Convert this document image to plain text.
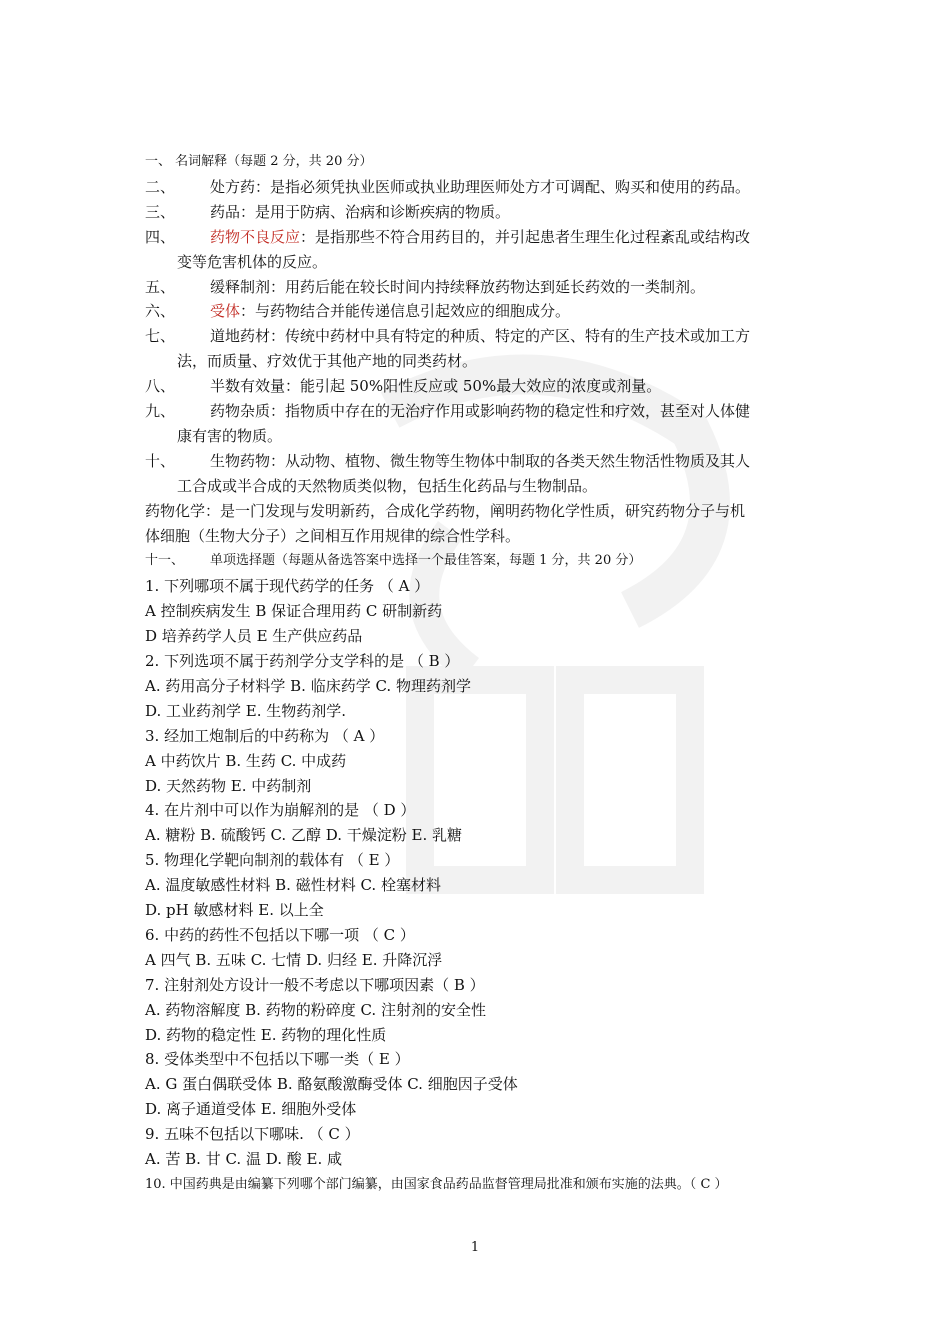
一、 名词解释（每题 2 分，共 20 分）
二、 处方药：是指必须凭执业医师或执业助理医师处方才可调配、购买和使用的药品。
三、 药品：是用于防病、治病和诊断疾病的物质。
四、 药物不良反应：是指那些不符合用药目的，并引起患者生理生化过程紊乱或结构改
变等危害机体的反应。
五、 缓释制剂：用药后能在较长时间内持续释放药物达到延长药效的一类制剂。
六、 受体：与药物结合并能传递信息引起效应的细胞成分。
七、 道地药材：传统中药材中具有特定的种质、特定的产区、特有的生产技术或加工方
法，而质量、疗效优于其他产地的同类药材。
八、 半数有效量：能引起 50%阳性反应或 50%最大效应的浓度或剂量。
九、 药物杂质：指物质中存在的无治疗作用或影响药物的稳定性和疗效，甚至对人体健
康有害的物质。
十、 生物药物：从动物、植物、微生物等生物体中制取的各类天然生物活性物质及其人
工合成或半合成的天然物质类似物，包括生化药品与生物制品。
药物化学：是一门发现与发明新药，合成化学药物，阐明药物化学性质，研究药物分子与机
体细胞（生物大分子）之间相互作用规律的综合性学科。
十一、 单项选择题（每题从备选答案中选择一个最佳答案，每题 1 分，共 20 分）
1. 下列哪项不属于现代药学的任务 （ A ）
A 控制疾病发生 B 保证合理用药 C 研制新药
D 培养药学人员 E 生产供应药品
2. 下列选项不属于药剂学分支学科的是 （ B ）
A. 药用高分子材料学 B. 临床药学 C. 物理药剂学
D. 工业药剂学 E. 生物药剂学.
3. 经加工炮制后的中药称为 （ A ）
A 中药饮片 B. 生药 C. 中成药
D. 天然药物 E. 中药制剂
4. 在片剂中可以作为崩解剂的是 （ D ）
A. 糖粉 B. 硫酸钙 C. 乙醇 D. 干燥淀粉 E. 乳糖
5. 物理化学靶向制剂的载体有 （ E ）
A. 温度敏感性材料 B. 磁性材料 C. 栓塞材料
D. pH 敏感材料 E. 以上全
6. 中药的药性不包括以下哪一项 （ C ）
A 四气 B. 五味 C. 七情 D. 归经 E. 升降沉浮
7. 注射剂处方设计一般不考虑以下哪项因素（ B ）
A. 药物溶解度 B. 药物的粉碎度 C. 注射剂的安全性
D. 药物的稳定性 E. 药物的理化性质
8. 受体类型中不包括以下哪一类（ E ）
A. G 蛋白偶联受体 B. 酪氨酸激酶受体 C. 细胞因子受体
D. 离子通道受体 E. 细胞外受体
9. 五味不包括以下哪味. （ C ）
A. 苦 B. 甘 C. 温 D. 酸 E. 咸
10. 中国药典是由编纂下列哪个部门编纂，由国家食品药品监督管理局批准和颁布实施的法典。（ C ）
1
